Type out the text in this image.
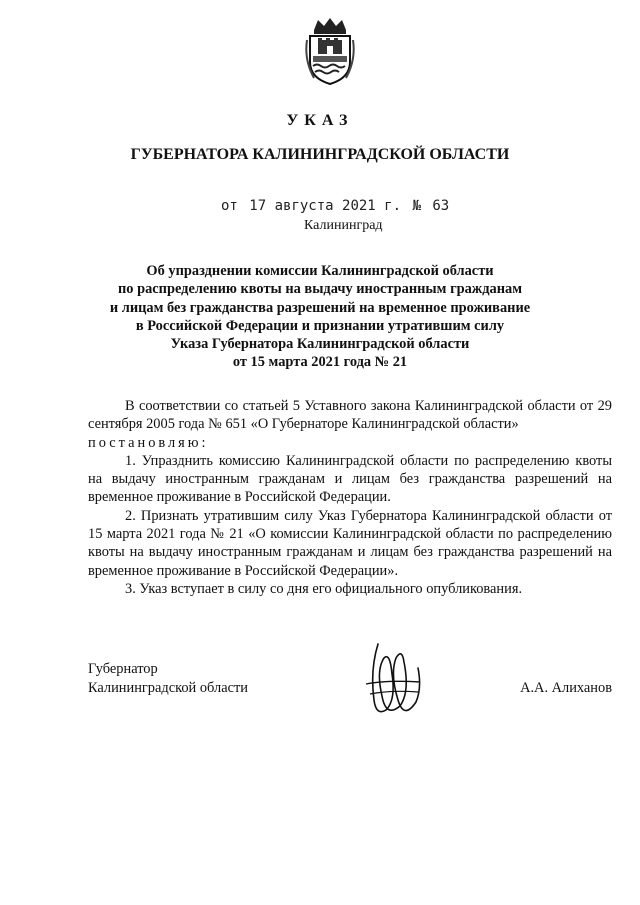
УКАЗ
ГУБЕРНАТОРА КАЛИНИНГРАДСКОЙ ОБЛАСТИ
от 17 августа 2021 г. № 63
Калининград
Об упразднении комиссии Калининградской области
по распределению квоты на выдачу иностранным гражданам
и лицам без гражданства разрешений на временное проживание
в Российской Федерации и признании утратившим силу
Указа Губернатора Калининградской области
от 15 марта 2021 года № 21

В соответствии со статьей 5 Уставного закона Калининградской области от 29 сентября 2005 года № 651 «О Губернаторе Калининградской области»

постановляю:

1. Упразднить комиссию Калининградской области по распределению квоты на выдачу иностранным гражданам и лицам без гражданства разрешений на временное проживание в Российской Федерации.

2. Признать утратившим силу Указ Губернатора Калининградской области от 15 марта 2021 года № 21 «О комиссии Калининградской области по распределению квоты на выдачу иностранным гражданам и лицам без гражданства разрешений на временное проживание в Российской Федерации».

3. Указ вступает в силу со дня его официального опубликования.

Губернатор
Калининградской области	А.А. Алиханов
